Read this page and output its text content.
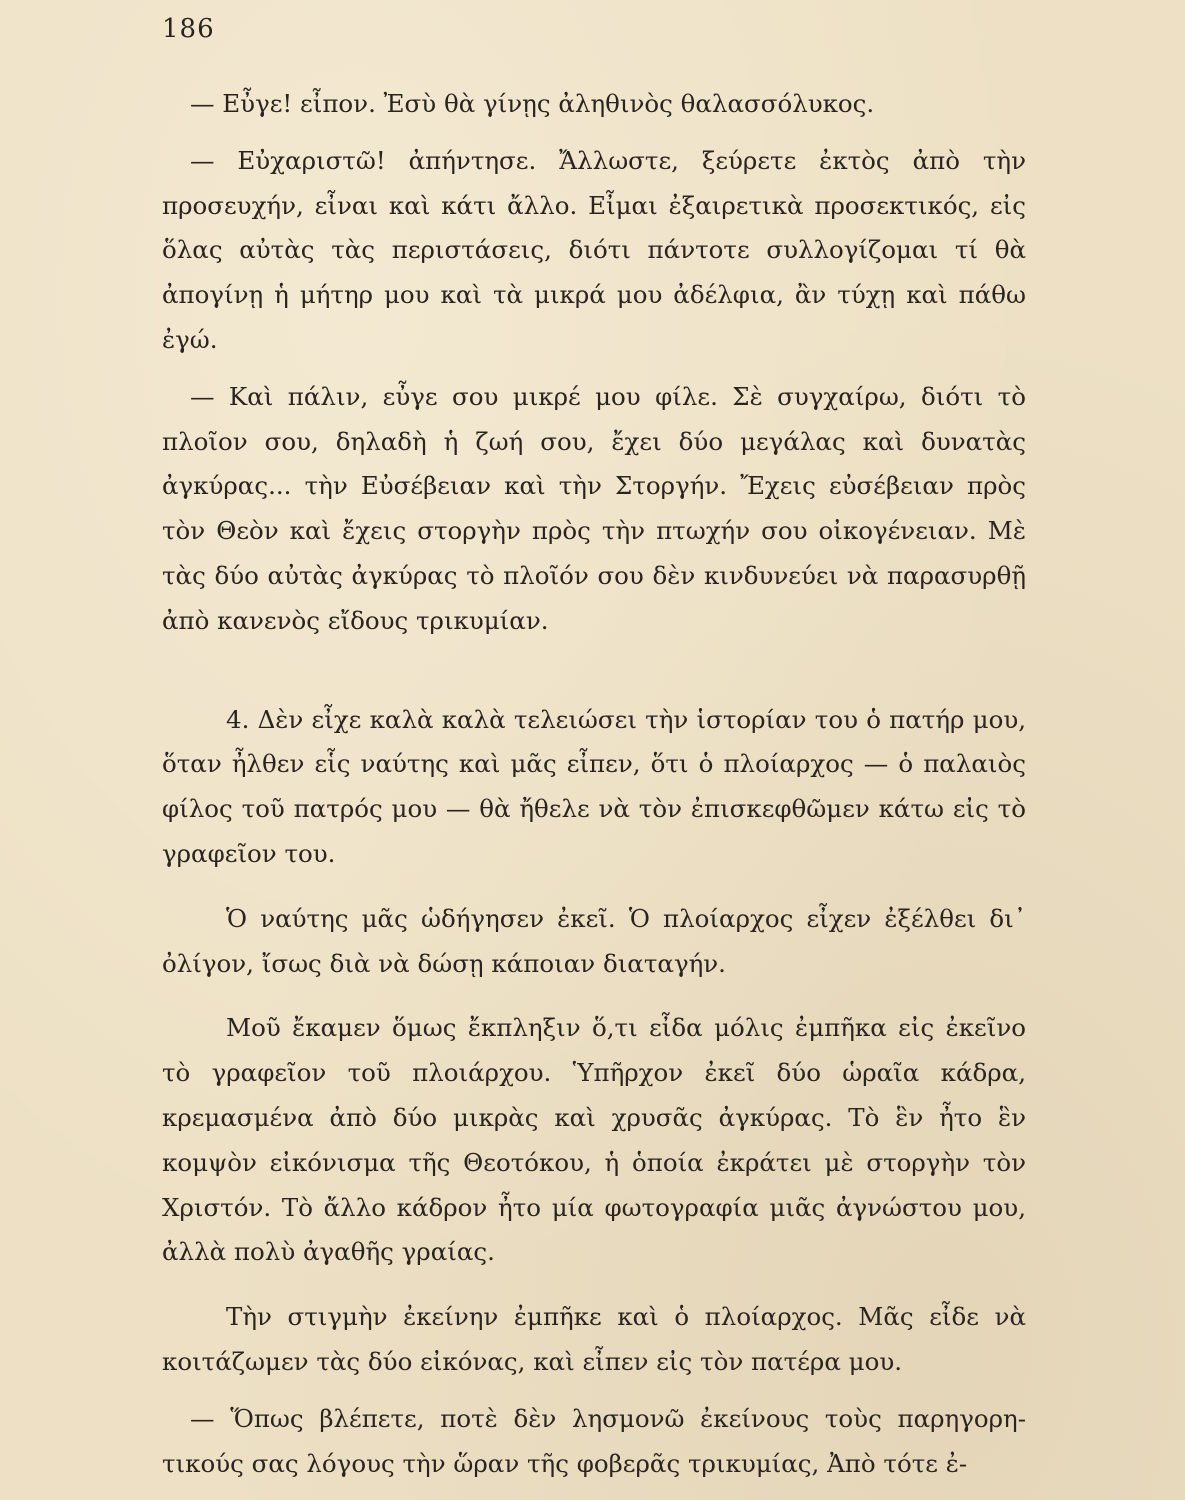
186

— Εὖγε! εἶπον. Ἐσὺ θὰ γίνῃς ἀληθινὸς θαλασσόλυκος.

— Εὐχαριστῶ! ἀπήντησε. Ἄλλωστε, ξεύρετε ἐκτὸς ἀπὸ τὴν προσευχήν, εἶναι καὶ κάτι ἄλλο. Εἶμαι ἐξαιρετικὰ προσεκτικός, εἰς ὅλας αὐτὰς τὰς περιστάσεις, διότι πάντοτε συλλογίζομαι τί θὰ ἀπογίνῃ ἡ μήτηρ μου καὶ τὰ μικρά μου ἀδέλφια, ἂν τύχῃ καὶ πάθω ἐγώ.

— Καὶ πάλιν, εὖγε σου μικρέ μου φίλε. Σὲ συγχαίρω, διότι τὸ πλοῖον σου, δηλαδὴ ἡ ζωή σου, ἔχει δύο μεγάλας καὶ δυνατὰς ἀγκύρας... τὴν Εὐσέβειαν καὶ τὴν Στοργήν. Ἔχεις εὐσέβειαν πρὸς τὸν Θεὸν καὶ ἔχεις στοργὴν πρὸς τὴν πτωχήν σου οἰκογένειαν. Μὲ τὰς δύο αὐτὰς ἀγκύρας τὸ πλοῖόν σου δὲν κινδυνεύει νὰ παρασυρθῇ ἀπὸ κανενὸς εἴδους τρικυμίαν.

4. Δὲν εἶχε καλὰ καλὰ τελειώσει τὴν ἱστορίαν του ὁ πατήρ μου, ὅταν ἦλθεν εἷς ναύτης καὶ μᾶς εἶπεν, ὅτι ὁ πλοίαρχος — ὁ παλαιὸς φίλος τοῦ πατρός μου — θὰ ἤθελε νὰ τὸν ἐπισκεφθῶμεν κάτω εἰς τὸ γραφεῖον του.

Ὁ ναύτης μᾶς ὡδήγησεν ἐκεῖ. Ὁ πλοίαρχος εἶχεν ἐξέλθει δι᾽ ὀλίγον, ἴσως διὰ νὰ δώσῃ κάποιαν διαταγήν.

Μοῦ ἔκαμεν ὅμως ἔκπληξιν ὅ,τι εἶδα μόλις ἐμπῆκα εἰς ἐκεῖνο τὸ γραφεῖον τοῦ πλοιάρχου. Ὑπῆρχον ἐκεῖ δύο ὡραῖα κάδρα, κρεμασμένα ἀπὸ δύο μικρὰς καὶ χρυσᾶς ἀγκύρας. Τὸ ἓν ἦτο ἓν κομψὸν εἰκόνισμα τῆς Θεοτόκου, ἡ ὁποία ἐκράτει μὲ στοργὴν τὸν Χριστόν. Τὸ ἄλλο κάδρον ἦτο μία φωτογραφία μιᾶς ἀγνώστου μου, ἀλλὰ πολὺ ἀγαθῆς γραίας.

Τὴν στιγμὴν ἐκείνην ἐμπῆκε καὶ ὁ πλοίαρχος. Μᾶς εἶδε νὰ κοιτάζωμεν τὰς δύο εἰκόνας, καὶ εἶπεν εἰς τὸν πατέρα μου.

— Ὅπως βλέπετε, ποτὲ δὲν λησμονῶ ἐκείνους τοὺς παρηγορητικούς σας λόγους τὴν ὥραν τῆς φοβερᾶς τρικυμίας, Ἀπὸ τότε ἐ-
